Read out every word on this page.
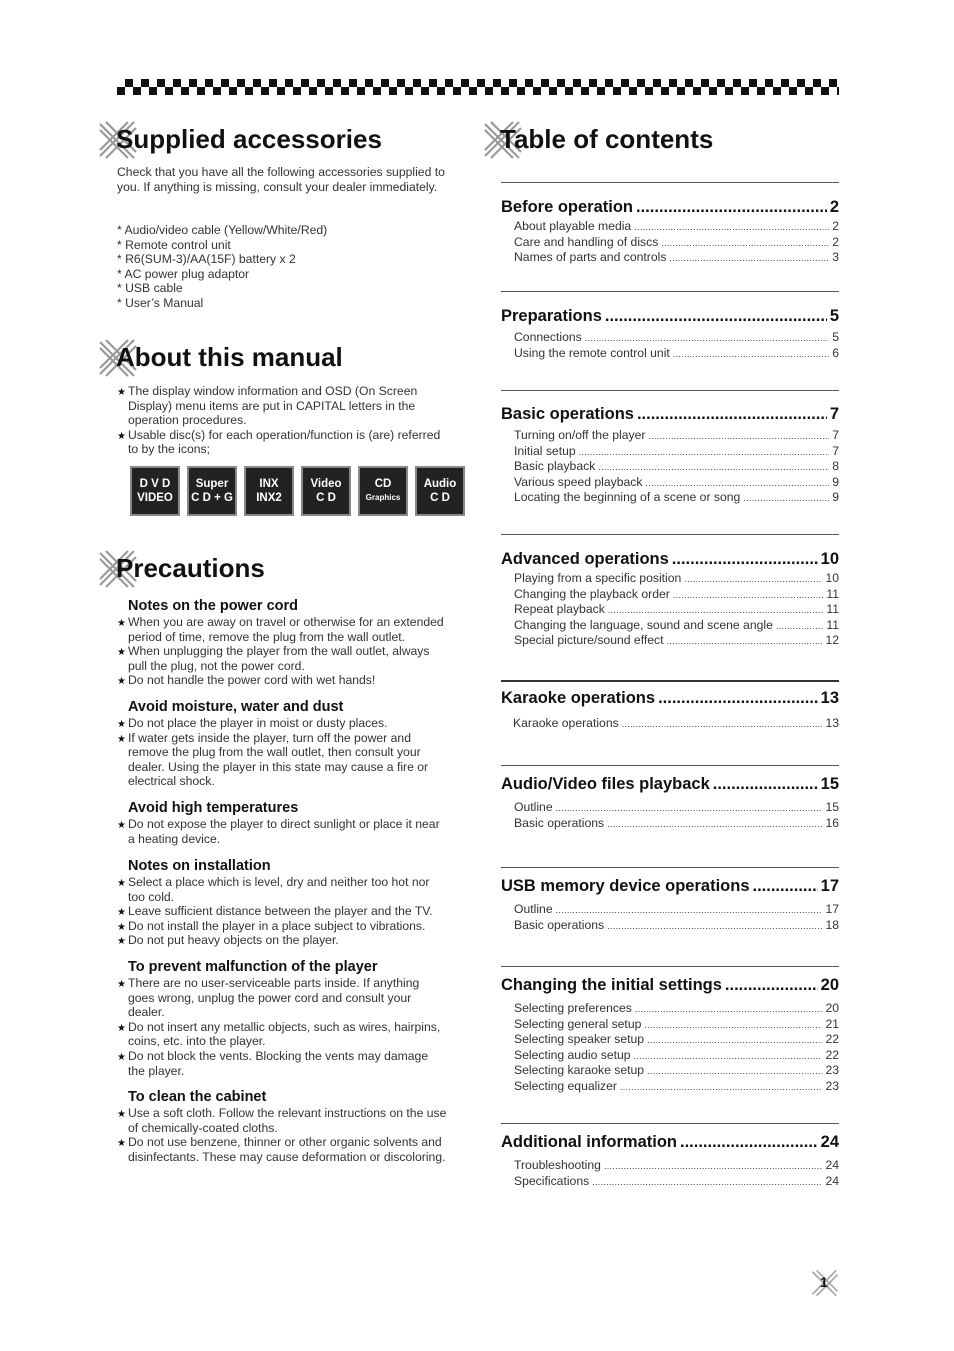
Supplied accessories
Check that you have all the following accessories supplied to you. If anything is missing, consult your dealer immediately.
* Audio/video cable (Yellow/White/Red)
* Remote control unit
* R6(SUM-3)/AA(15F) battery x 2
* AC power plug adaptor
* USB cable
* User’s Manual
About this manual
★ The display window information and OSD (On Screen Display) menu items are put in CAPITAL letters in the operation procedures.
★ Usable disc(s) for each operation/function is (are) referred to by the icons;
D V D
VIDEO
Super
C D + G
INX
INX2
Video
C D
CD
Graphics
Audio
C D
Precautions
Notes on the power cord
★ When you are away on travel or otherwise for an extended period of time, remove the plug from the wall outlet.
★ When unplugging the player from the wall outlet, always pull the plug, not the power cord.
★ Do not handle the power cord with wet hands!
Avoid moisture, water and dust
★ Do not place the player in moist or dusty places.
★ If water gets inside the player, turn off the power and remove the plug from the wall outlet, then consult your dealer. Using the player in this state may cause a fire or electrical shock.
Avoid high temperatures
★ Do not expose the player to direct sunlight or place it near a heating device.
Notes on installation
★ Select a place which is level, dry and neither too hot nor too cold.
★ Leave sufficient distance between the player and the TV.
★ Do not install the player in a place subject to vibrations.
★ Do not put heavy objects on the player.
To prevent malfunction of the player
★ There are no user-serviceable parts inside. If anything goes wrong, unplug the power cord and consult your dealer.
★ Do not insert any metallic objects, such as wires, hairpins, coins, etc. into the player.
★ Do not block the vents. Blocking the vents may damage the player.
To clean the cabinet
★ Use a soft cloth. Follow the relevant instructions on the use of chemically-coated cloths.
★ Do not use benzene, thinner or other organic solvents and disinfectants. These may cause deformation or discoloring.
Table of contents
Before operation .....	2
About playable media .....	2
Care and handling of discs .....	2
Names of parts and controls .....	3
Preparations .....	5
Connections .....	5
Using the remote control unit .....	6
Basic operations .....	7
Turning on/off the player .....	7
Initial setup .....	7
Basic playback .....	8
Various speed playback .....	9
Locating the beginning of a scene or song .....	9
Advanced operations .....	10
Playing from a specific position .....	10
Changing the playback order .....	11
Repeat playback .....	11
Changing the language, sound and scene angle .....	11
Special picture/sound effect .....	12
Karaoke operations .....	13
Karaoke operations .....	13
Audio/Video files playback .....	15
Outline .....	15
Basic operations .....	16
USB memory device operations .....	17
Outline .....	17
Basic operations .....	18
Changing the initial settings .....	20
Selecting preferences .....	20
Selecting general setup .....	21
Selecting speaker setup .....	22
Selecting audio setup .....	22
Selecting karaoke setup .....	23
Selecting equalizer .....	23
Additional information .....	24
Troubleshooting .....	24
Specifications .....	24
1
